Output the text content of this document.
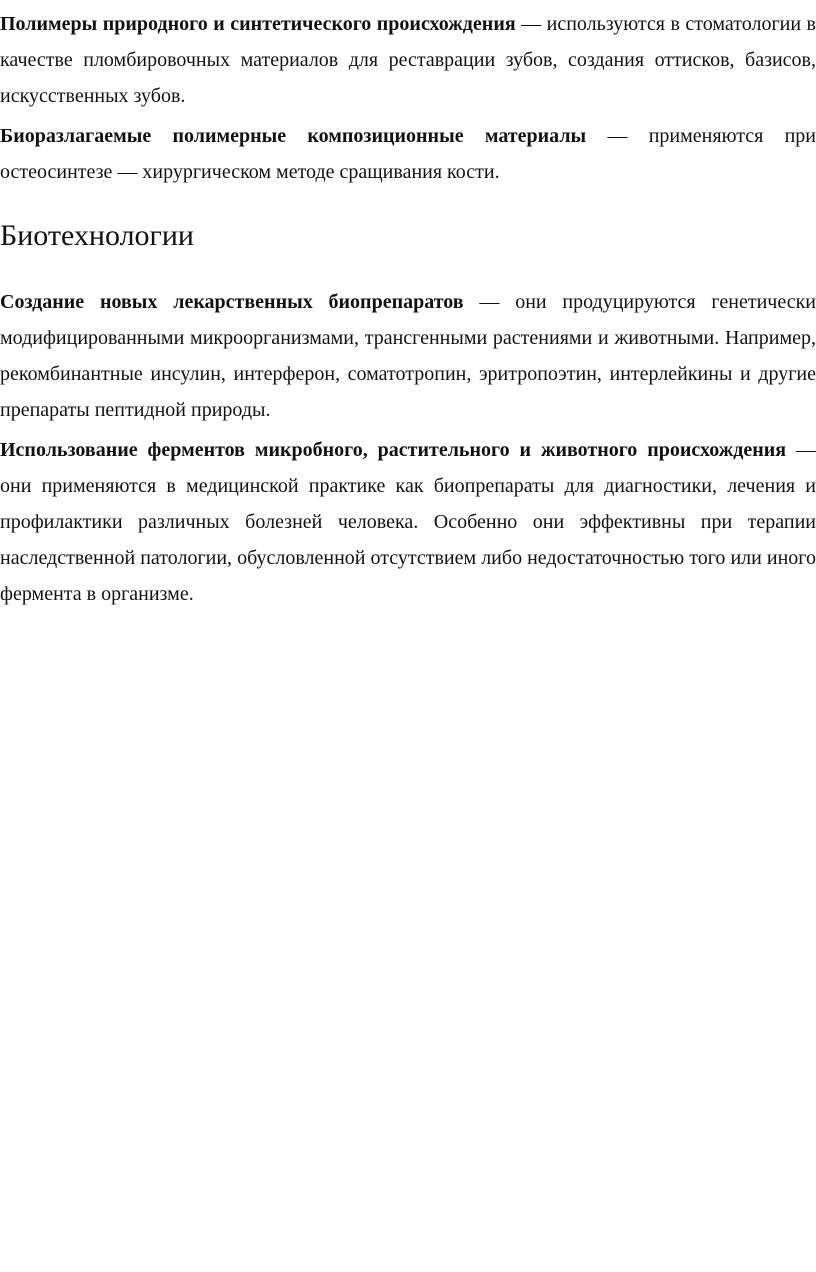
Полимеры природного и синтетического происхождения — используются в стоматологии в качестве пломбировочных материалов для реставрации зубов, создания оттисков, базисов, искусственных зубов.

Биоразлагаемые полимерные композиционные материалы — применяются при остеосинтезе — хирургическом методе сращивания кости.

Биотехнологии

Создание новых лекарственных биопрепаратов — они продуцируются генетически модифицированными микроорганизмами, трансгенными растениями и животными. Например, рекомбинантные инсулин, интерферон, соматотропин, эритропоэтин, интерлейкины и другие препараты пептидной природы.

Использование ферментов микробного, растительного и животного происхождения — они применяются в медицинской практике как биопрепараты для диагностики, лечения и профилактики различных болезней человека. Особенно они эффективны при терапии наследственной патологии, обусловленной отсутствием либо недостаточностью того или иного фермента в организме.
